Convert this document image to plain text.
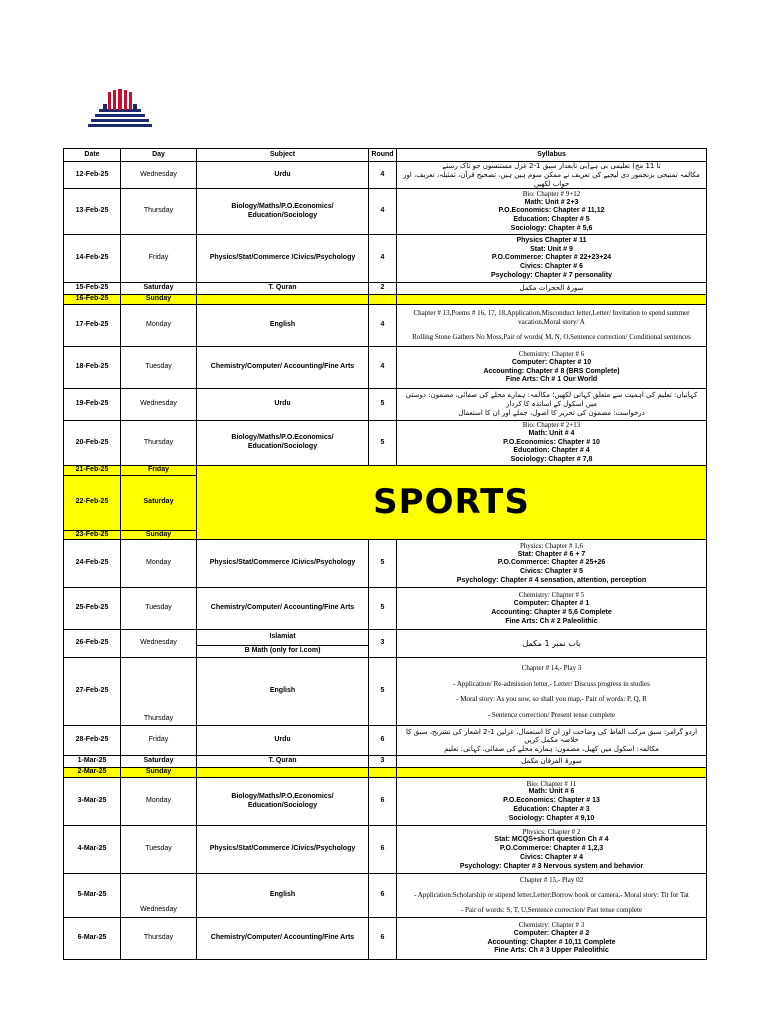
Date	Day	Subject	Round	Syllabus
12-Feb-25	Wednesday	Urdu	4	تا 11 مخ) تعلیمی بی ہے(بی تابعدار سبق 1-2 غزل مستنسوں جو ناک رستے
مکالمہ تمنیحی بزنجمور دی لیجیے کی تعریف نے ممکن سوم ہیں ہیں، تصحیح قرآن، تمثیلہ، تعریف، اور جواب لکھیں

13-Feb-25	Thursday	Biology/Maths/P.O.Economics/ Education/Sociology	4	Bio: Chapter # 9+12
Math: Unit # 2+3
P.O.Economics: Chapter # 11,12
Education: Chapter # 5
Sociology: Chapter # 5,6

14-Feb-25	Friday	Physics/Stat/Commerce /Civics/Psychology	4	Physics Chapter # 11
Stat: Unit # 9
P.O.Commerce: Chapter # 22+23+24
Civics: Chapter # 6
Psychology: Chapter # 7 personality

15-Feb-25	Saturday	T. Quran	2	سورۃ الحجرات مکمل
16-Feb-25	Sunday			
17-Feb-25	Monday	English	4	Chapter # 13,Poems # 16, 17, 18,Application,Misconduct letter,Letter/ Invitation to spend summer vacation,Moral story/ A
Rolling Stone Gathers No Moss,Pair of words( M, N, O,Sentence correction/ Conditional sentences

18-Feb-25	Tuesday	Chemistry/Computer/ Accounting/Fine Arts	4	Chemistry: Chapter # 6
Computer: Chapter # 10
Accounting: Chapter # 8 (BRS Complete)
Fine Arts: Ch # 1 Our World

19-Feb-25	Wednesday	Urdu	5	کہانیاں: تعلیم کی اہمیت سے متعلق کہانی لکھیں؛ مکالمہ: ہمارے محلے کی صفائی، مضمون: دوستی میں اسکول کے اساتذہ کا کردار
درخواست: مضمون کی تحریر کا اصول، جملے اور ان کا استعمال

20-Feb-25	Thursday	Biology/Maths/P.O.Economics/ Education/Sociology	5	Bio: Chapter # 2+13
Math: Unit # 4
P.O.Economics: Chapter # 10
Education: Chapter # 4
Sociology: Chapter # 7,8

21-Feb-25	Friday	SPORTS		
22-Feb-25	Saturday			
23-Feb-25	Sunday			
24-Feb-25	Monday	Physics/Stat/Commerce /Civics/Psychology	5	Physics: Chapter # 1,6
Stat: Chapter # 6 + 7
P.O.Commerce: Chapter # 25+26
Civics: Chapter # 5
Psychology: Chapter # 4 sensation, attention, perception

25-Feb-25	Tuesday	Chemistry/Computer/ Accounting/Fine Arts	5	Chemistry: Chapter # 5
Computer: Chapter # 1
Accounting: Chapter # 5,6 Complete
Fine Arts: Ch # 2 Paleolithic

26-Feb-25	Wednesday	Islamiat	3	باب نمبر 1 مکمل

		B Math (only for I.com)		
27-Feb-25	Thursday	English	5	Chapter # 14,- Play 3
- Application/ Re-admission letter,- Letter/ Discuss progress in studies
- Moral story: As you sow, so shall you reap,- Pair of words: P, Q, R
- Sentence correction/ Present tense complete

28-Feb-25	Friday	Urdu	6	اردو گرامر: سبق مرکب الفاظ کی وضاحت اور ان کا استعمال، غزلیں 1-2 اشعار کی تشریح، سبق کا خلاصہ مکمل کریں
مکالمہ: اسکول میں کھیل، مضمون: ہمارے محلے کی صفائی، کہانی: تعلیم

1-Mar-25	Saturday	T. Quran	3	سورۃ الفرقان مکمل
2-Mar-25	Sunday			
3-Mar-25	Monday	Biology/Maths/P.O.Economics/ Education/Sociology	6	Bio: Chapter # 11
Math: Unit # 6
P.O.Economics: Chapter # 13
Education: Chapter # 3
Sociology: Chapter # 9,10

4-Mar-25	Tuesday	Physics/Stat/Commerce /Civics/Psychology	6	Physics: Chapter # 2
Stat: MCQS+short question Ch # 4
P.O.Commerce: Chapter # 1,2,3
Civics: Chapter # 4
Psychology: Chapter # 3 Nervous system and behavior

5-Mar-25	Wednesday	English	6	Chapter # 15,- Play 02
- Application:Scholarship or stipend letter,Letter:Borrow book or camera,- Moral story: Tit for Tat
- Pair of words: S, T, U,Sentence correction/ Past tense complete

6-Mar-25	Thursday	Chemistry/Computer/ Accounting/Fine Arts	6	Chemistry: Chapter # 3
Computer: Chapter # 2
Accounting: Chapter # 10,11 Complete
Fine Arts: Ch # 3 Upper Paleolithic
